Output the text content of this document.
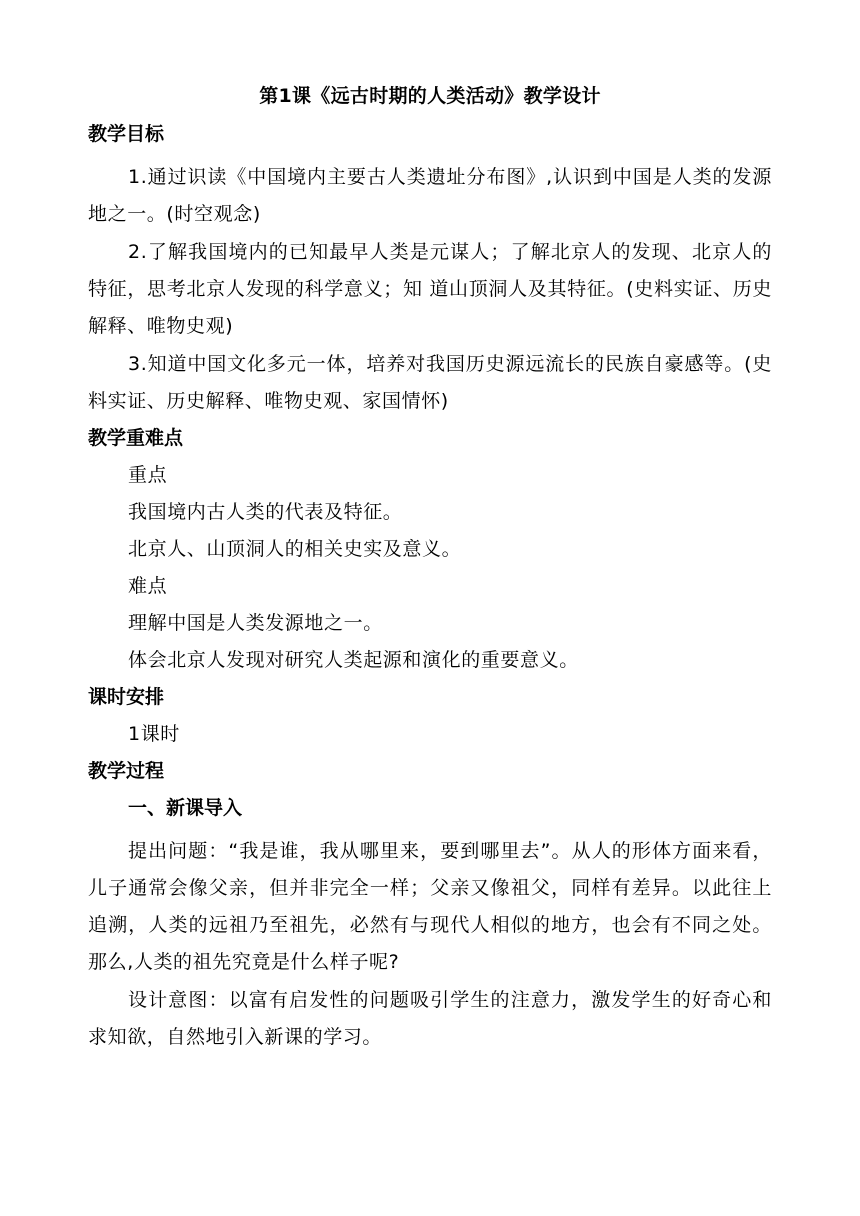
第1课《远古时期的人类活动》教学设计
教学目标

1.通过识读《中国境内主要古人类遗址分布图》,认识到中国是人类的发源地之一。(时空观念)

2.了解我国境内的已知最早人类是元谋人；了解北京人的发现、北京人的特征，思考北京人发现的科学意义；知 道山顶洞人及其特征。(史料实证、历史解释、唯物史观)

3.知道中国文化多元一体，培养对我国历史源远流长的民族自豪感等。(史料实证、历史解释、唯物史观、家国情怀)

教学重难点
重点
我国境内古人类的代表及特征。
北京人、山顶洞人的相关史实及意义。
难点
理解中国是人类发源地之一。
体会北京人发现对研究人类起源和演化的重要意义。
课时安排
1课时
教学过程
一、新课导入

提出问题：“我是谁，我从哪里来，要到哪里去”。从人的形体方面来看，儿子通常会像父亲，但并非完全一样；父亲又像祖父，同样有差异。以此往上追溯，人类的远祖乃至祖先，必然有与现代人相似的地方，也会有不同之处。 那么,人类的祖先究竟是什么样子呢?

设计意图：以富有启发性的问题吸引学生的注意力，激发学生的好奇心和求知欲，自然地引入新课的学习。
